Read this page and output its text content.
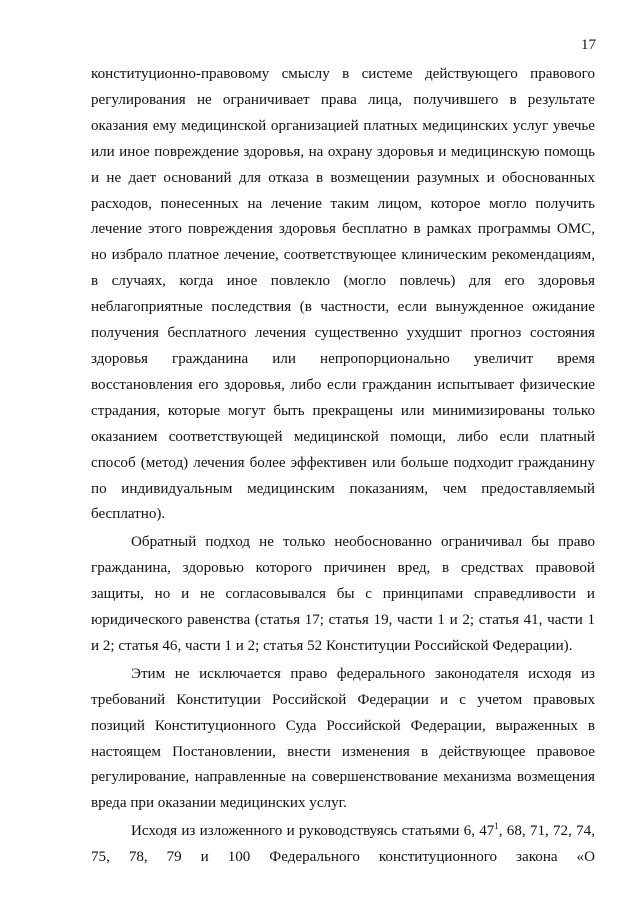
17

конституционно-правовому смыслу в системе действующего правового регулирования не ограничивает права лица, получившего в результате оказания ему медицинской организацией платных медицинских услуг увечье или иное повреждение здоровья, на охрану здоровья и медицинскую помощь и не дает оснований для отказа в возмещении разумных и обоснованных расходов, понесенных на лечение таким лицом, которое могло получить лечение этого повреждения здоровья бесплатно в рамках программы ОМС, но избрало платное лечение, соответствующее клиническим рекомендациям, в случаях, когда иное повлекло (могло повлечь) для его здоровья неблагоприятные последствия (в частности, если вынужденное ожидание получения бесплатного лечения существенно ухудшит прогноз состояния здоровья гражданина или непропорционально увеличит время восстановления его здоровья, либо если гражданин испытывает физические страдания, которые могут быть прекращены или минимизированы только оказанием соответствующей медицинской помощи, либо если платный способ (метод) лечения более эффективен или больше подходит гражданину по индивидуальным медицинским показаниям, чем предоставляемый бесплатно).

Обратный подход не только необоснованно ограничивал бы право гражданина, здоровью которого причинен вред, в средствах правовой защиты, но и не согласовывался бы с принципами справедливости и юридического равенства (статья 17; статья 19, части 1 и 2; статья 41, части 1 и 2; статья 46, части 1 и 2; статья 52 Конституции Российской Федерации).

Этим не исключается право федерального законодателя исходя из требований Конституции Российской Федерации и с учетом правовых позиций Конституционного Суда Российской Федерации, выраженных в настоящем Постановлении, внести изменения в действующее правовое регулирование, направленные на совершенствование механизма возмещения вреда при оказании медицинских услуг.

Исходя из изложенного и руководствуясь статьями 6, $47^1$, 68, 71, 72, 74, 75, 78, 79 и 100 Федерального конституционного закона «О
